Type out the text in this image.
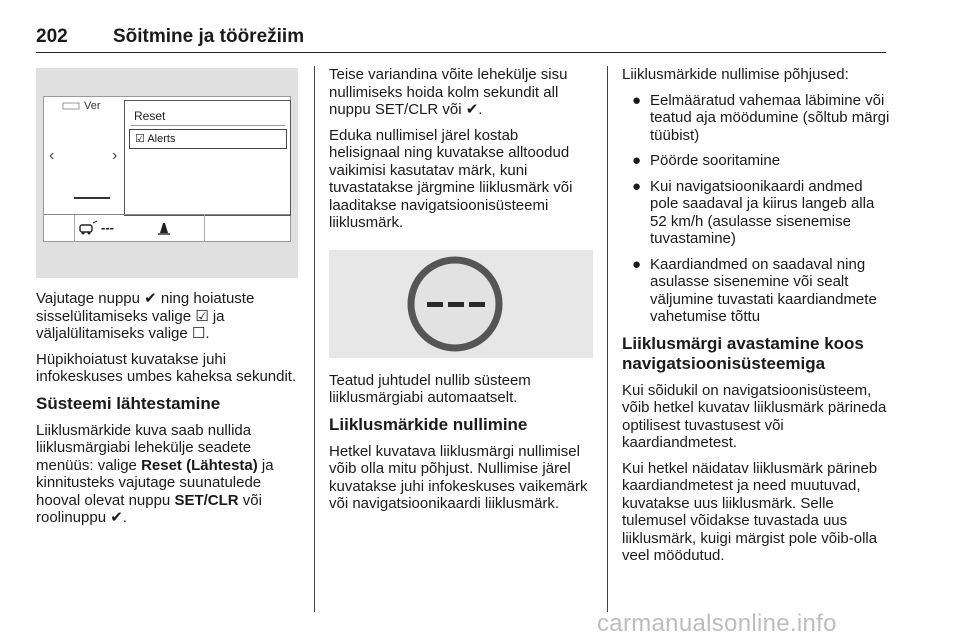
202 Sõitmine ja töörežiim
Ver
‹	›
Reset
☑ Alerts
---

Vajutage nuppu ✔ ning hoiatuste sisselülitamiseks valige ☑ ja väljalülitamiseks valige ☐.

Hüpikhoiatust kuvatakse juhi infokeskuses umbes kaheksa sekundit.

Süsteemi lähtestamine

Liiklusmärkide kuva saab nullida liiklusmärgiabi lehekülje seadete menüüs: valige Reset (Lähtesta) ja kinnitusteks vajutage suunatulede hooval olevat nuppu SET/CLR või roolinuppu ✔.

Teise variandina võite lehekülje sisu nullimiseks hoida kolm sekundit all nuppu SET/CLR või ✔.

Eduka nullimisel järel kostab helisignaal ning kuvatakse alltoodud vaikimisi kasutatav märk, kuni tuvastatakse järgmine liiklusmärk või laaditakse navigatsioonisüsteemi liiklusmärk.

Teatud juhtudel nullib süsteem liiklusmärgiabi automaatselt.

Liiklusmärkide nullimine

Hetkel kuvatava liiklusmärgi nullimisel võib olla mitu põhjust. Nullimise järel kuvatakse juhi infokeskuses vaikemärk või navigatsioonikaardi liiklusmärk.

Liiklusmärkide nullimise põhjused:

● Eelmääratud vahemaa läbimine või teatud aja möödumine (sõltub märgi tüübist)
● Pöörde sooritamine
● Kui navigatsioonikaardi andmed pole saadaval ja kiirus langeb alla 52 km/h (asulasse sisenemise tuvastamine)
● Kaardiandmed on saadaval ning asulasse sisenemine või sealt väljumine tuvastati kaardiandmete vahetumise tõttu
Liiklusmärgi avastamine koos navigatsioonisüsteemiga

Kui sõidukil on navigatsioonisüsteem, võib hetkel kuvatav liiklusmärk pärineda optilisest tuvastusest või kaardiandmetest.

Kui hetkel näidatav liiklusmärk pärineb kaardiandmetest ja need muutuvad, kuvatakse uus liiklusmärk. Selle tulemusel võidakse tuvastada uus liiklusmärk, kuigi märgist pole võib-olla veel möödutud.

carmanualsonline.info
